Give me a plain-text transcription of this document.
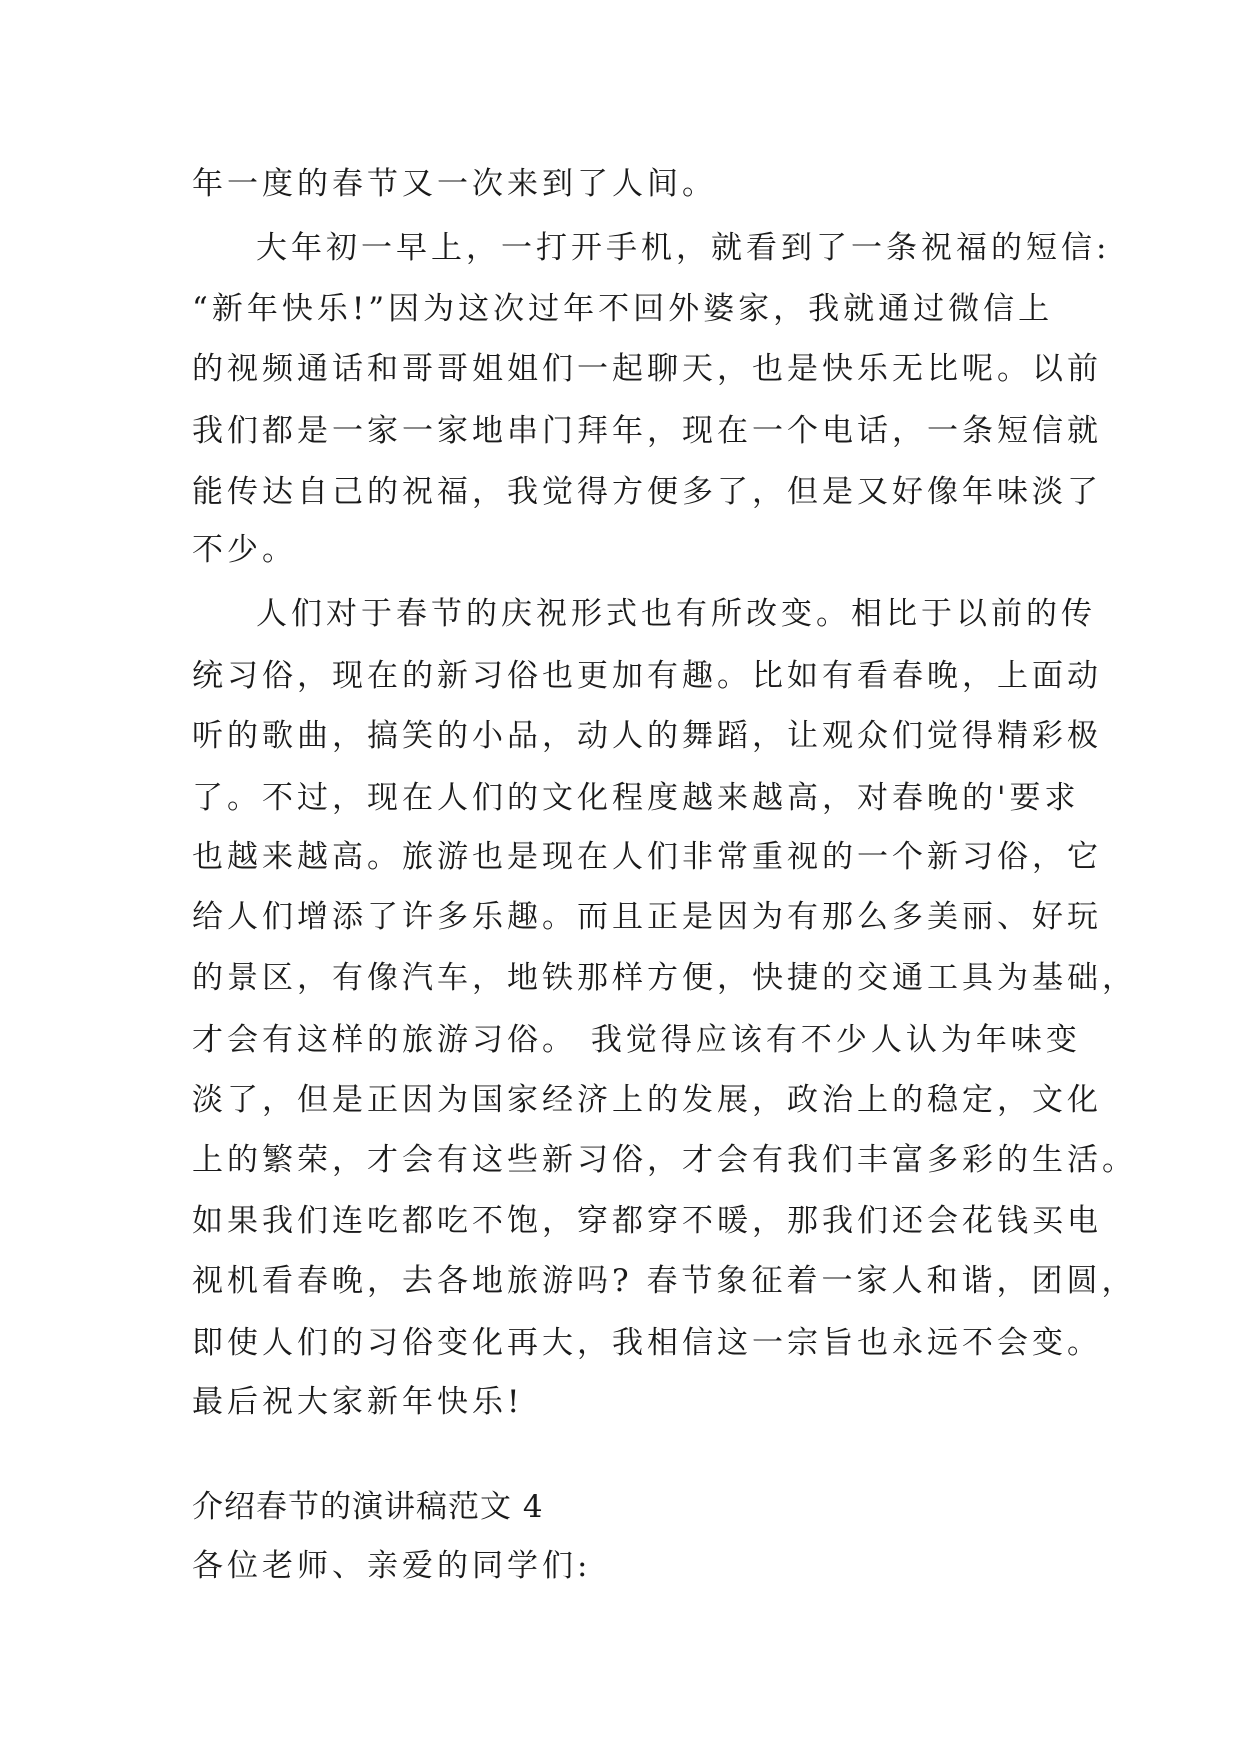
年一度的春节又一次来到了人间。
大年初一早上，一打开手机，就看到了一条祝福的短信:
“新年快乐!”因为这次过年不回外婆家，我就通过微信上
的视频通话和哥哥姐姐们一起聊天，也是快乐无比呢。以前
我们都是一家一家地串门拜年，现在一个电话，一条短信就
能传达自己的祝福，我觉得方便多了，但是又好像年味淡了
不少。
人们对于春节的庆祝形式也有所改变。相比于以前的传
统习俗，现在的新习俗也更加有趣。比如有看春晚，上面动
听的歌曲，搞笑的小品，动人的舞蹈，让观众们觉得精彩极
了。不过，现在人们的文化程度越来越高，对春晚的'要求
也越来越高。旅游也是现在人们非常重视的一个新习俗，它
给人们增添了许多乐趣。而且正是因为有那么多美丽、好玩
的景区，有像汽车，地铁那样方便，快捷的交通工具为基础，
才会有这样的旅游习俗。 我觉得应该有不少人认为年味变
淡了，但是正因为国家经济上的发展，政治上的稳定，文化
上的繁荣，才会有这些新习俗，才会有我们丰富多彩的生活。
如果我们连吃都吃不饱，穿都穿不暖，那我们还会花钱买电
视机看春晚，去各地旅游吗? 春节象征着一家人和谐，团圆，
即使人们的习俗变化再大，我相信这一宗旨也永远不会变。
最后祝大家新年快乐!
介绍春节的演讲稿范文 4
各位老师、亲爱的同学们:
